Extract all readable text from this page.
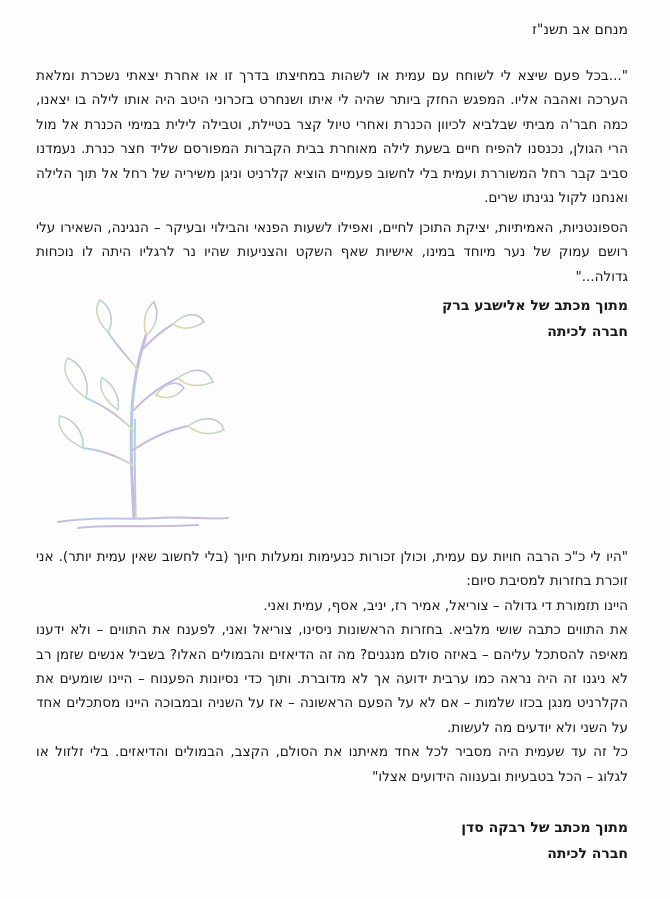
מנחם אב תשנ"ז

"...בכל פעם שיצא לי לשוחח עם עמית או לשהות במחיצתו בדרך זו או אחרת יצאתי נשכרת ומלאת הערכה ואהבה אליו. המפגש החזק ביותר שהיה לי איתו ושנחרט בזכרוני היטב היה אותו לילה בו יצאנו, כמה חבר'ה מביתי שבלביא לכיוון הכנרת ואחרי טיול קצר בטיילת, וטבילה לילית במימי הכנרת אל מול הרי הגולן, נכנסנו להפיח חיים בשעת לילה מאוחרת בבית הקברות המפורסם שליד חצר כנרת. נעמדנו סביב קבר רחל המשוררת ועמית בלי לחשוב פעמיים הוציא קלרניט וניגן משיריה של רחל אל תוך הלילה ואנחנו לקול נגינתו שרים.

הספונטניות, האמיתיות, יציקת התוכן לחיים, ואפילו לשעות הפנאי והבילוי ובעיקר – הנגינה, השאירו עלי רושם עמוק של נער מיוחד במינו, אישיות שאף השקט והצניעות שהיו נר לרגליו היתה לו נוכחות גדולה..."

מתוך מכתב של אלישבע ברק
חברה לכיתה
"היו לי כ"כ הרבה חויות עם עמית, וכולן זכורות כנעימות ומעלות חיוך (בלי לחשוב שאין עמית יותר). אני זוכרת בחזרות למסיבת סיום:
היינו תזמורת די גדולה – צוריאל, אמיר רז, יניב, אסף, עמית ואני.
את התווים כתבה שושי מלביא. בחזרות הראשונות ניסינו, צוריאל ואני, לפענח את התווים – ולא ידענו מאיפה להסתכל עליהם – באיזה סולם מנגנים? מה זה הדיאזים והבמולים האלו? בשביל אנשים שזמן רב לא ניגנו זה היה נראה כמו ערבית ידועה אך לא מדוברת. ותוך כדי נסיונות הפענוח – היינו שומעים את הקלרניט מנגן בכזו שלמות – אם לא על הפעם הראשונה – אז על השניה ובמבוכה היינו מסתכלים אחד על השני ולא יודעים מה לעשות.
כל זה עד שעמית היה מסביר לכל אחד מאיתנו את הסולם, הקצב, הבמולים והדיאזים. בלי זלזול או לגלוג – הכל בטבעיות ובענווה הידועים אצלו"
מתוך מכתב של רבקה סדן
חברה לכיתה
